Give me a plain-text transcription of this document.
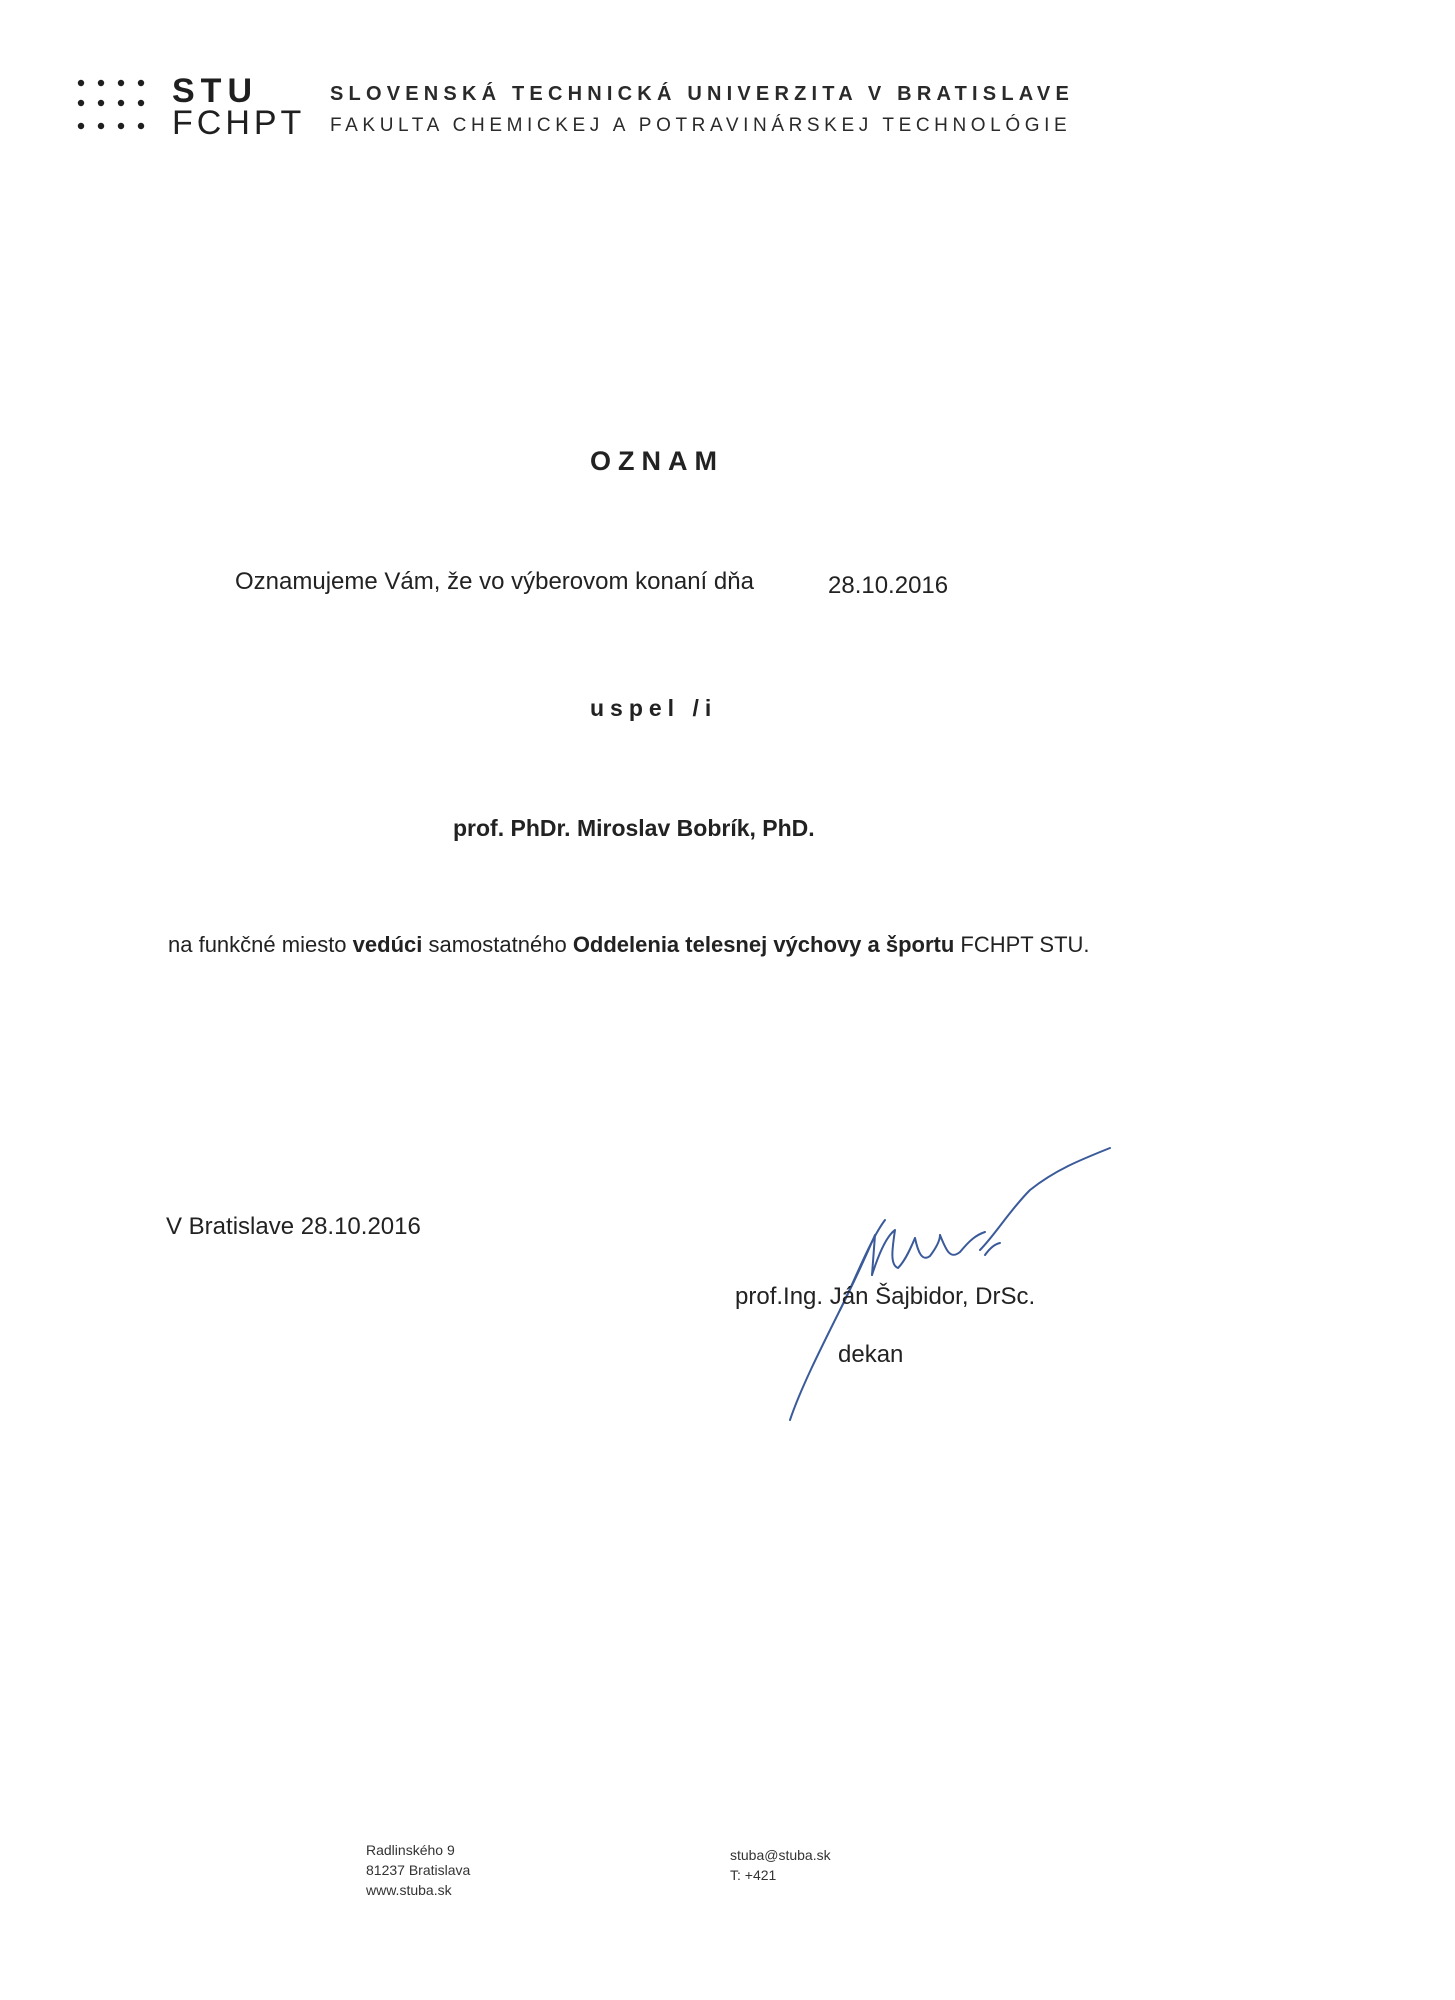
STU
FCHPT
SLOVENSKÁ TECHNICKÁ UNIVERZITA V BRATISLAVE
FAKULTA CHEMICKEJ A POTRAVINÁRSKEJ TECHNOLÓGIE
OZNAM
Oznamujeme Vám, že vo výberovom konaní dňa	28.10.2016
uspel /i
prof. PhDr. Miroslav Bobrík, PhD.
na funkčné miesto vedúci samostatného Oddelenia telesnej výchovy a športu FCHPT STU.
V Bratislave 28.10.2016
prof.Ing. Ján Šajbidor, DrSc.
dekan
Radlinského 9
81237 Bratislava
www.stuba.sk
stuba@stuba.sk
T: +421
